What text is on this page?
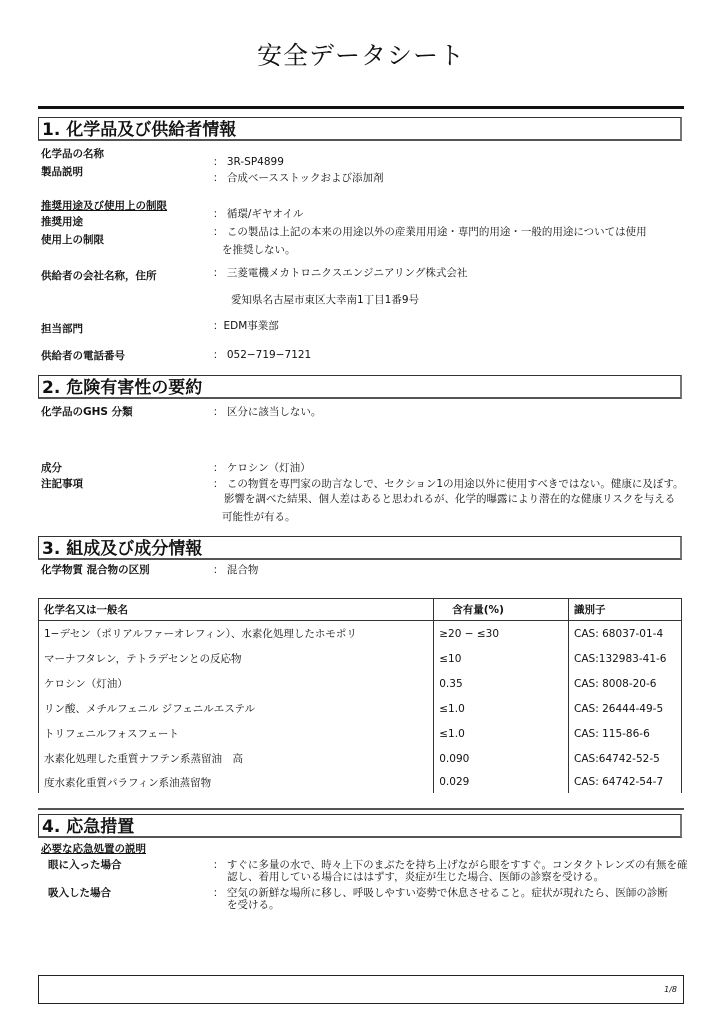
安全データシート
1. 化学品及び供給者情報
化学品の名称
： 3R-SP4899
製品説明	： 合成ベースストックおよび添加剤
推奨用途及び使用上の制限
推奨用途
： 循環/ギヤオイル
使用上の制限
： この製品は上記の本来の用途以外の産業用用途・専門的用途・一般的用途については使用
を推奨しない。
供給者の会社名称，住所	： 三菱電機メカトロニクスエンジニアリング株式会社
愛知県名古屋市東区大幸南1丁目1番9号
担当部門	：EDM事業部
供給者の電話番号	： 052−719−7121
2. 危険有害性の要約
化学品のGHS 分類	： 区分に該当しない。
成分	： ケロシン（灯油）
注記事項	： この物質を専門家の助言なしで、セクション1の用途以外に使用すべきではない。健康に及ぼす。
影響を調べた結果、個人差はあると思われるが、化学的曝露により潜在的な健康リスクを与える
可能性が有る。
3. 組成及び成分情報
化学物質 混合物の区別	： 混合物
化学名又は一般名	含有量(%)	識別子
1−デセン（ポリアルファーオレフィン）、水素化処理したホモポリ	≥20 − ≤30	CAS: 68037-01-4
マーナフタレン，テトラデセンとの反応物	≤10	CAS:132983-41-6
ケロシン（灯油）	0.35	CAS: 8008-20-6
リン酸、メチルフェニル ジフェニルエステル	≤1.0	CAS: 26444-49-5
トリフェニルフォスフェート	≤1.0	CAS: 115-86-6
水素化処理した重質ナフテン系蒸留油　高	0.090	CAS:64742-52-5
度水素化重質パラフィン系油蒸留物	0.029	CAS: 64742-54-7
4. 応急措置
必要な応急処置の説明
眼に入った場合	： すぐに多量の水で、時々上下のまぶたを持ち上げながら眼をすすぐ。コンタクトレンズの有無を確
認し、着用している場合にははずす，炎症が生じた場合、医師の診察を受ける。
吸入した場合	： 空気の新鮮な場所に移し、呼吸しやすい姿勢で休息させること。症状が現れたら、医師の診断
を受ける。
1/8
